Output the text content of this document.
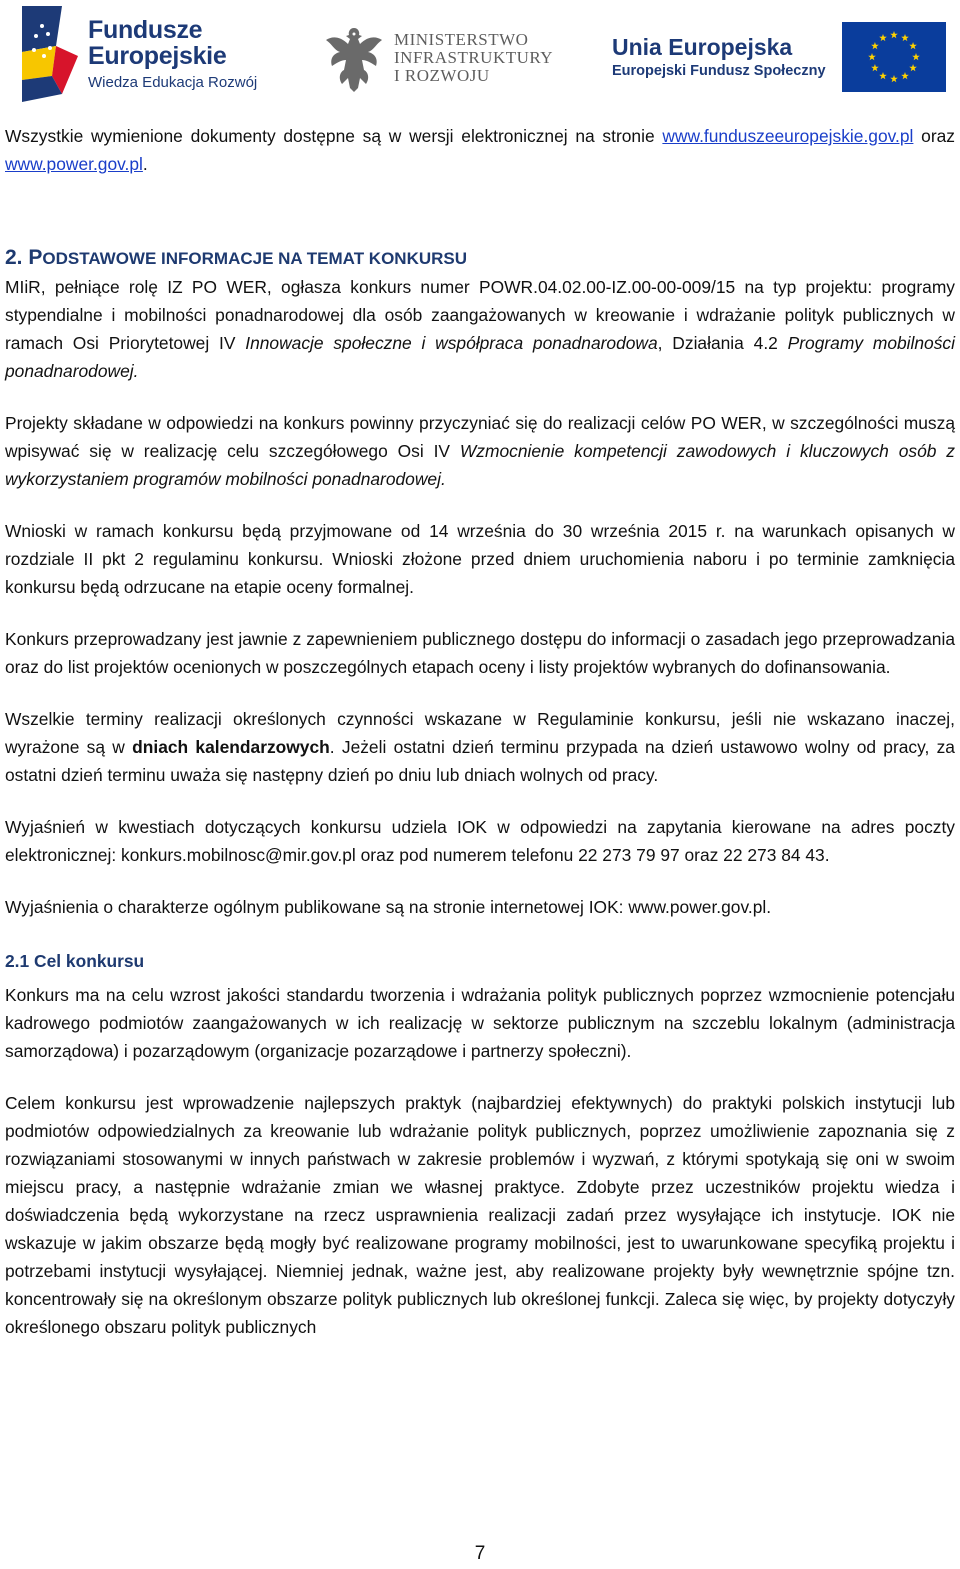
Fundusze
Europejskie
Wiedza Edukacja Rozwój
MINISTERSTWO
INFRASTRUKTURY
I ROZWOJU
Unia Europejska
Europejski Fundusz Społeczny

Wszystkie wymienione dokumenty dostępne są w wersji elektronicznej na stronie www.funduszeeuropejskie.gov.pl oraz www.power.gov.pl.

2. PODSTAWOWE INFORMACJE NA TEMAT KONKURSU

MIiR, pełniące rolę IZ PO WER, ogłasza konkurs numer POWR.04.02.00-IZ.00-00-009/15 na typ projektu: programy stypendialne i mobilności ponadnarodowej dla osób zaangażowanych w kreowanie i wdrażanie polityk publicznych w ramach Osi Priorytetowej IV Innowacje społeczne i współpraca ponadnarodowa, Działania 4.2 Programy mobilności ponadnarodowej.

Projekty składane w odpowiedzi na konkurs powinny przyczyniać się do realizacji celów PO WER, w szczególności muszą wpisywać się w realizację celu szczegółowego Osi IV Wzmocnienie kompetencji zawodowych i kluczowych osób z wykorzystaniem programów mobilności ponadnarodowej.

Wnioski w ramach konkursu będą przyjmowane od 14 września do 30 września 2015 r. na warunkach opisanych w rozdziale II pkt 2 regulaminu konkursu. Wnioski złożone przed dniem uruchomienia naboru i po terminie zamknięcia konkursu będą odrzucane na etapie oceny formalnej.

Konkurs przeprowadzany jest jawnie z zapewnieniem publicznego dostępu do informacji o zasadach jego przeprowadzania oraz do list projektów ocenionych w poszczególnych etapach oceny i listy projektów wybranych do dofinansowania.

Wszelkie terminy realizacji określonych czynności wskazane w Regulaminie konkursu, jeśli nie wskazano inaczej, wyrażone są w dniach kalendarzowych. Jeżeli ostatni dzień terminu przypada na dzień ustawowo wolny od pracy, za ostatni dzień terminu uważa się następny dzień po dniu lub dniach wolnych od pracy.

Wyjaśnień w kwestiach dotyczących konkursu udziela IOK w odpowiedzi na zapytania kierowane na adres poczty elektronicznej: konkurs.mobilnosc@mir.gov.pl oraz pod numerem telefonu 22 273 79 97 oraz 22 273 84 43.

Wyjaśnienia o charakterze ogólnym publikowane są na stronie internetowej IOK: www.power.gov.pl.

2.1 Cel konkursu

Konkurs ma na celu wzrost jakości standardu tworzenia i wdrażania polityk publicznych poprzez wzmocnienie potencjału kadrowego podmiotów zaangażowanych w ich realizację w sektorze publicznym na szczeblu lokalnym (administracja samorządowa) i pozarządowym (organizacje pozarządowe i partnerzy społeczni).

Celem konkursu jest wprowadzenie najlepszych praktyk (najbardziej efektywnych) do praktyki polskich instytucji lub podmiotów odpowiedzialnych za kreowanie lub wdrażanie polityk publicznych, poprzez umożliwienie zapoznania się z rozwiązaniami stosowanymi w innych państwach w zakresie problemów i wyzwań, z którymi spotykają się oni w swoim miejscu pracy, a następnie wdrażanie zmian we własnej praktyce. Zdobyte przez uczestników projektu wiedza i doświadczenia będą wykorzystane na rzecz usprawnienia realizacji zadań przez wysyłające ich instytucje. IOK nie wskazuje w jakim obszarze będą mogły być realizowane programy mobilności, jest to uwarunkowane specyfiką projektu i potrzebami instytucji wysyłającej. Niemniej jednak, ważne jest, aby realizowane projekty były wewnętrznie spójne tzn. koncentrowały się na określonym obszarze polityk publicznych lub określonej funkcji. Zaleca się więc, by projekty dotyczyły określonego obszaru polityk publicznych

7
